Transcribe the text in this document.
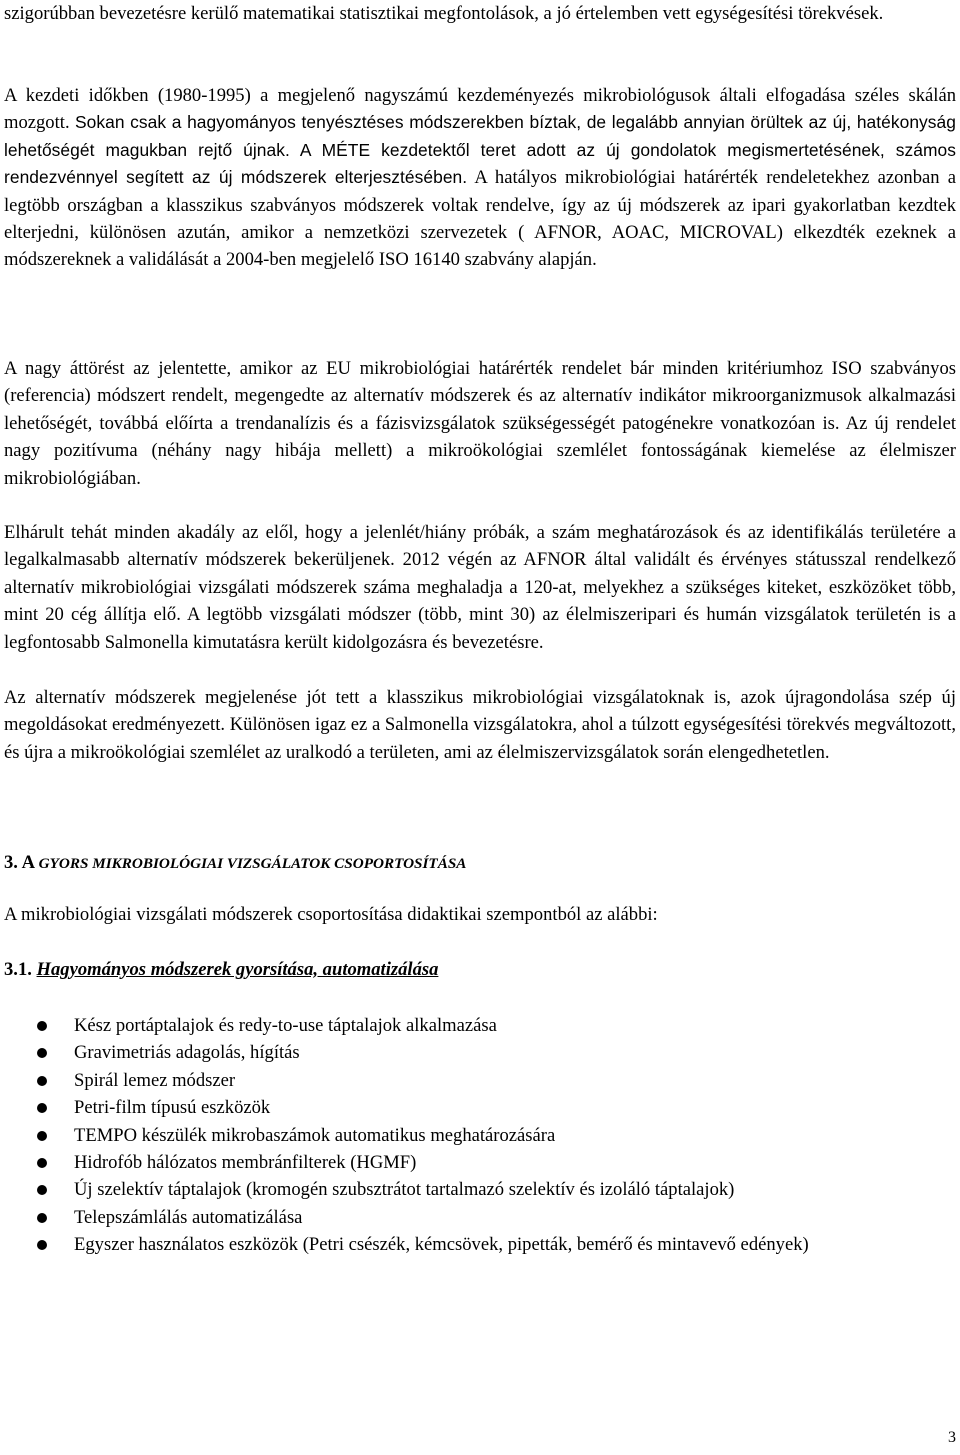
szigorúbban bevezetésre kerülő matematikai statisztikai megfontolások, a jó értelemben vett egységesítési törekvések.

A kezdeti időkben (1980-1995) a megjelenő nagyszámú kezdeményezés mikrobiológusok általi elfogadása széles skálán mozgott. Sokan csak a hagyományos tenyésztéses módszerekben bíztak, de legalább annyian örültek az új, hatékonyság lehetőségét magukban rejtő újnak. A MÉTE kezdetektől teret adott az új gondolatok megismertetésének, számos rendezvénnyel segített az új módszerek elterjesztésében. A hatályos mikrobiológiai határérték rendeletekhez azonban a legtöbb országban a klasszikus szabványos módszerek voltak rendelve, így az új módszerek az ipari gyakorlatban kezdtek elterjedni, különösen azután, amikor a nemzetközi szervezetek ( AFNOR, AOAC, MICROVAL) elkezdték ezeknek a módszereknek a validálását a 2004-ben megjelelő ISO 16140 szabvány alapján.

A nagy áttörést az jelentette, amikor az EU mikrobiológiai határérték rendelet bár minden kritériumhoz ISO szabványos (referencia) módszert rendelt, megengedte az alternatív módszerek és az alternatív indikátor mikroorganizmusok alkalmazási lehetőségét, továbbá előírta a trendanalízis és a fázisvizsgálatok szükségességét patogénekre vonatkozóan is. Az új rendelet nagy pozitívuma (néhány nagy hibája mellett) a mikroökológiai szemlélet fontosságának kiemelése az élelmiszer mikrobiológiában.

Elhárult tehát minden akadály az elől, hogy a jelenlét/hiány próbák, a szám meghatározások és az identifikálás területére a legalkalmasabb alternatív módszerek bekerüljenek. 2012 végén az AFNOR által validált és érvényes státusszal rendelkező alternatív mikrobiológiai vizsgálati módszerek száma meghaladja a 120-at, melyekhez a szükséges kiteket, eszközöket több, mint 20 cég állítja elő. A legtöbb vizsgálati módszer (több, mint 30) az élelmiszeripari és humán vizsgálatok területén is a legfontosabb Salmonella kimutatásra került kidolgozásra és bevezetésre.

Az alternatív módszerek megjelenése jót tett a klasszikus mikrobiológiai vizsgálatoknak is, azok újragondolása szép új megoldásokat eredményezett. Különösen igaz ez a Salmonella vizsgálatokra, ahol a túlzott egységesítési törekvés megváltozott, és újra a mikroökológiai szemlélet az uralkodó a területen, ami az élelmiszervizsgálatok során elengedhetetlen.

3. A GYORS MIKROBIOLÓGIAI VIZSGÁLATOK CSOPORTOSÍTÁSA

A mikrobiológiai vizsgálati módszerek csoportosítása didaktikai szempontból az alábbi:

3.1. Hagyományos módszerek gyorsítása, automatizálása

Kész portáptalajok és redy-to-use táptalajok alkalmazása
Gravimetriás adagolás, hígítás
Spirál lemez módszer
Petri-film típusú eszközök
TEMPO készülék mikrobaszámok automatikus meghatározására
Hidrofób hálózatos membránfilterek (HGMF)
Új szelektív táptalajok (kromogén szubsztrátot tartalmazó szelektív és izoláló táptalajok)
Telepszámlálás automatizálása
Egyszer használatos eszközök (Petri csészék, kémcsövek, pipetták, bemérő és mintavevő edények)

3
